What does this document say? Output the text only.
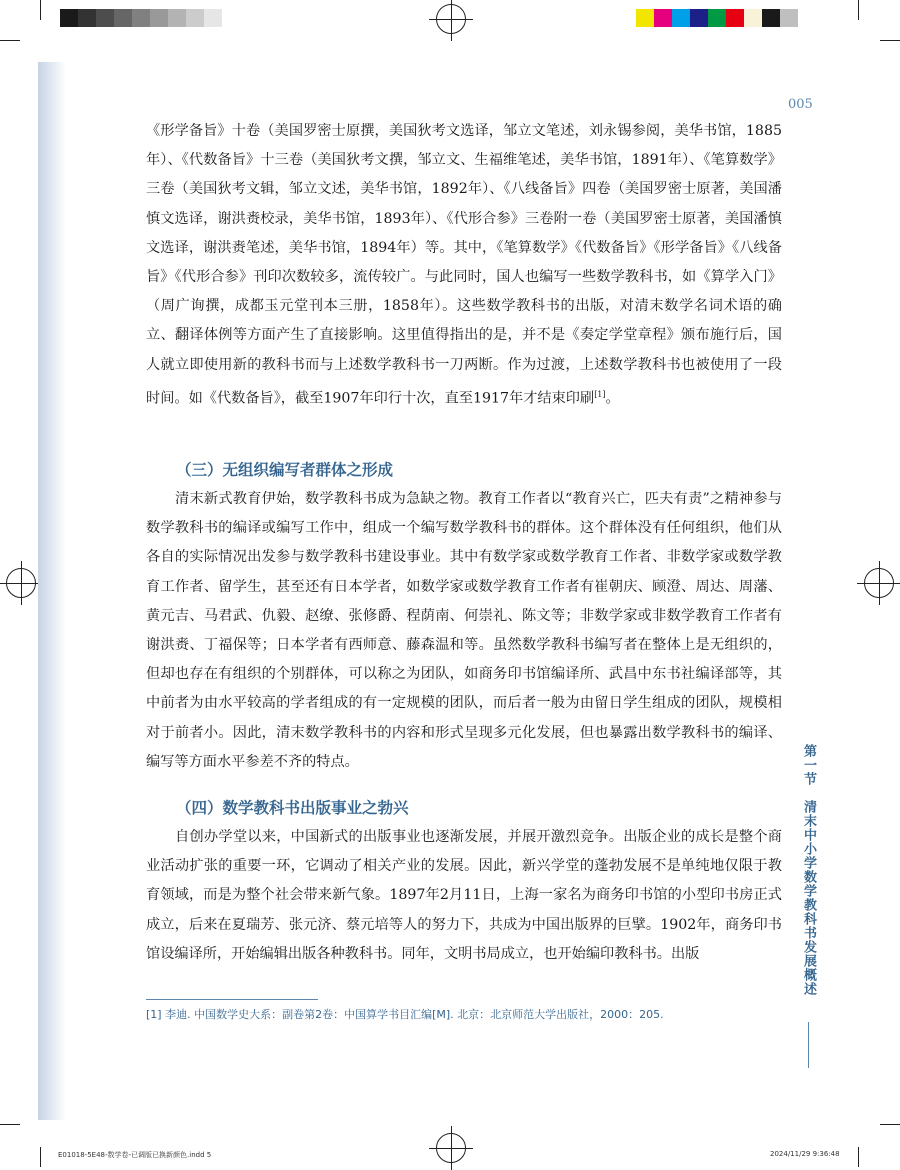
005

《形学备旨》十卷（美国罗密士原撰，美国狄考文选译，邹立文笔述，刘永锡参阅，美华书馆，1885年）、《代数备旨》十三卷（美国狄考文撰，邹立文、生福维笔述，美华书馆，1891年）、《笔算数学》三卷（美国狄考文辑，邹立文述，美华书馆，1892年）、《八线备旨》四卷（美国罗密士原著，美国潘慎文选译，谢洪赉校录，美华书馆，1893年）、《代形合参》三卷附一卷（美国罗密士原著，美国潘慎文选译，谢洪赉笔述，美华书馆，1894年）等。其中，《笔算数学》《代数备旨》《形学备旨》《八线备旨》《代形合参》刊印次数较多，流传较广。与此同时，国人也编写一些数学教科书，如《算学入门》（周广询撰，成都玉元堂刊本三册，1858年）。这些数学教科书的出版，对清末数学名词术语的确立、翻译体例等方面产生了直接影响。这里值得指出的是，并不是《奏定学堂章程》颁布施行后，国人就立即使用新的教科书而与上述数学教科书一刀两断。作为过渡，上述数学教科书也被使用了一段时间。如《代数备旨》，截至1907年印行十次，直至1917年才结束印刷[1]。

（三）无组织编写者群体之形成

清末新式教育伊始，数学教科书成为急缺之物。教育工作者以“教育兴亡，匹夫有责”之精神参与数学教科书的编译或编写工作中，组成一个编写数学教科书的群体。这个群体没有任何组织，他们从各自的实际情况出发参与数学教科书建设事业。其中有数学家或数学教育工作者、非数学家或数学教育工作者、留学生，甚至还有日本学者，如数学家或数学教育工作者有崔朝庆、顾澄、周达、周藩、黄元吉、马君武、仇毅、赵缭、张修爵、程荫南、何崇礼、陈文等；非数学家或非数学教育工作者有谢洪赉、丁福保等；日本学者有西师意、藤森温和等。虽然数学教科书编写者在整体上是无组织的，但却也存在有组织的个别群体，可以称之为团队，如商务印书馆编译所、武昌中东书社编译部等，其中前者为由水平较高的学者组成的有一定规模的团队，而后者一般为由留日学生组成的团队，规模相对于前者小。因此，清末数学教科书的内容和形式呈现多元化发展，但也暴露出数学教科书的编译、编写等方面水平参差不齐的特点。

（四）数学教科书出版事业之勃兴

自创办学堂以来，中国新式的出版事业也逐渐发展，并展开激烈竞争。出版企业的成长是整个商业活动扩张的重要一环，它调动了相关产业的发展。因此，新兴学堂的蓬勃发展不是单纯地仅限于教育领域，而是为整个社会带来新气象。1897年2月11日，上海一家名为商务印书馆的小型印书房正式成立，后来在夏瑞芳、张元济、蔡元培等人的努力下，共成为中国出版界的巨擘。1902年，商务印书馆设编译所，开始编辑出版各种教科书。同年，文明书局成立，也开始编印教科书。出版

[1] 李迪. 中国数学史大系：副卷第2卷：中国算学书目汇编[M]. 北京：北京师范大学出版社，2000：205.
第一节　清末中小学数学教科书发展概述
E01018-5E48-数学卷-已调版已换新颜色.indd 5	2024/11/29 9:36:48
